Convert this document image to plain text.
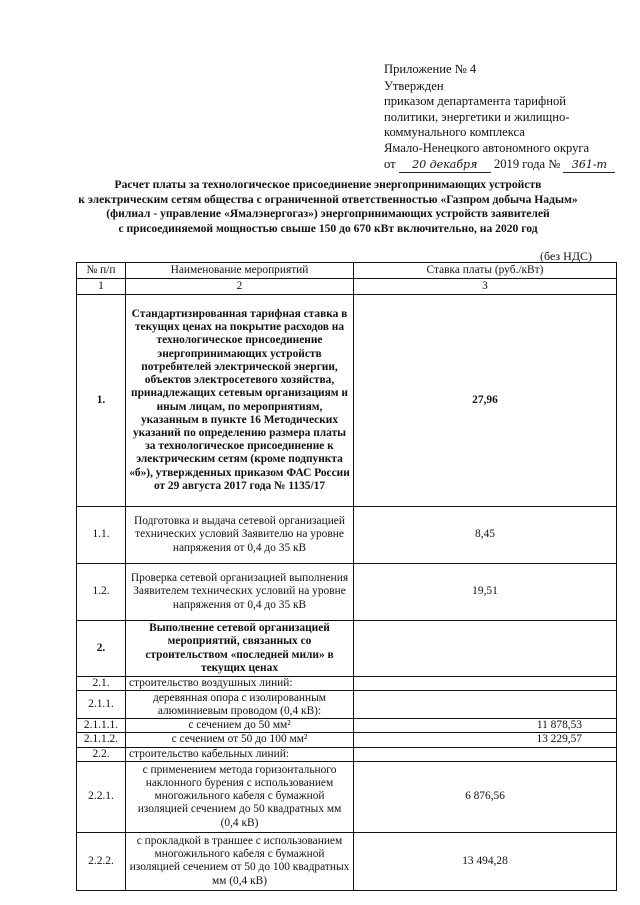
Приложение № 4
Утвержден
приказом департамента тарифной
политики, энергетики и жилищно-
коммунального комплекса
Ямало-Ненецкого автономного округа
от 20 декабря 2019 года № 361-т
Расчет платы за технологическое присоединение энергопринимающих устройств
к электрическим сетям общества с ограниченной ответственностью «Газпром добыча Надым»
(филиал - управление «Ямалэнергогаз») энергопринимающих устройств заявителей
с присоединяемой мощностью свыше 150 до 670 кВт включительно, на 2020 год
(без НДС)
№ п/п	Наименование мероприятий	Ставка платы (руб./кВт)
1	2	3
1.	Стандартизированная тарифная ставка в текущих ценах на покрытие расходов на технологическое присоединение энергопринимающих устройств потребителей электрической энергии, объектов электросетевого хозяйства, принадлежащих сетевым организациям и иным лицам, по мероприятиям, указанным в пункте 16 Методических указаний по определению размера платы за технологическое присоединение к электрическим сетям (кроме подпункта «б»), утвержденных приказом ФАС России от 29 августа 2017 года № 1135/17	27,96
1.1.	Подготовка и выдача сетевой организацией технических условий Заявителю на уровне напряжения от 0,4 до 35 кВ	8,45
1.2.	Проверка сетевой организацией выполнения Заявителем технических условий на уровне напряжения от 0,4 до 35 кВ	19,51
2.	Выполнение сетевой организацией мероприятий, связанных со строительством «последней мили» в текущих ценах	
2.1.	строительство воздушных линий:	
2.1.1.	деревянная опора с изолированным алюминиевым проводом (0,4 кВ):	
2.1.1.1.	с сечением до 50 мм²	11 878,53
2.1.1.2.	с сечением от 50 до 100 мм²	13 229,57
2.2.	строительство кабельных линий:	
2.2.1.	с применением метода горизонтального наклонного бурения с использованием многожильного кабеля с бумажной изоляцией сечением до 50 квадратных мм (0,4 кВ)	6 876,56
2.2.2.	с прокладкой в траншее с использованием многожильного кабеля с бумажной изоляцией сечением от 50 до 100 квадратных мм (0,4 кВ)	13 494,28
